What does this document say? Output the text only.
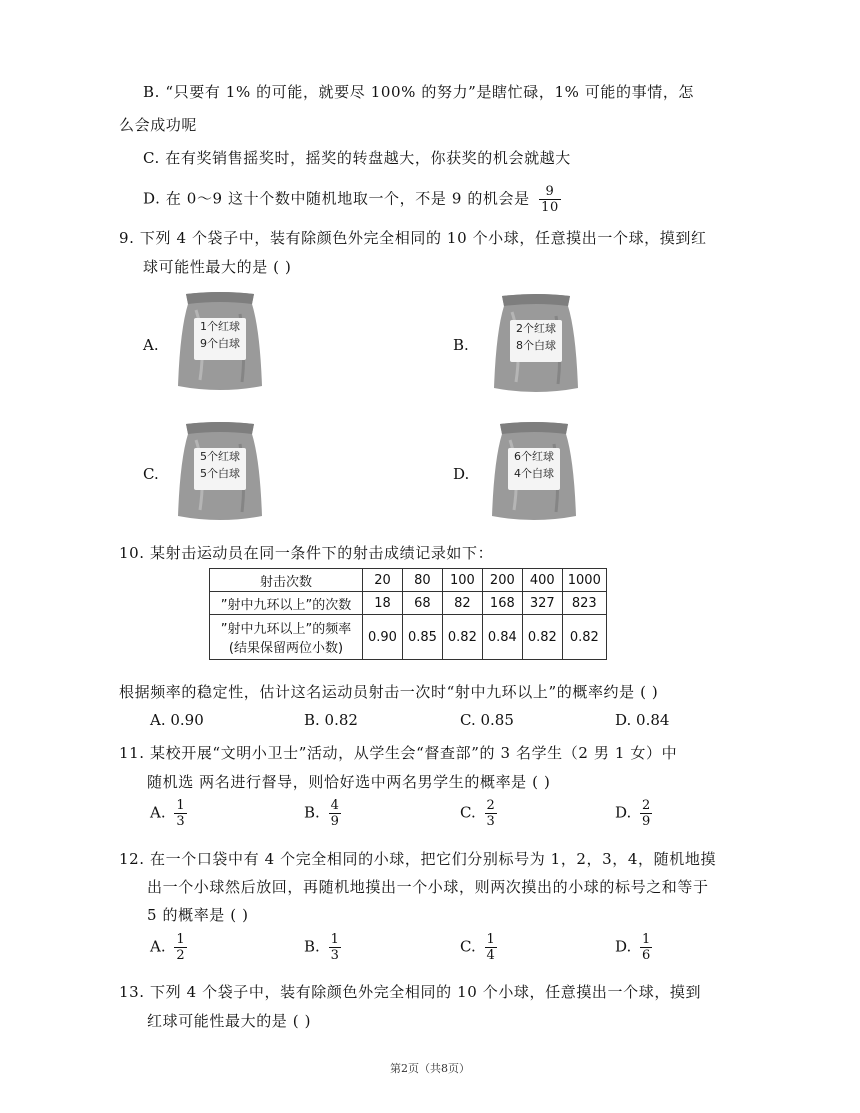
B. “只要有 1% 的可能，就要尽 100% 的努力”是瞎忙碌，1% 可能的事情，怎
么会成功呢
C. 在有奖销售摇奖时，摇奖的转盘越大，你获奖的机会就越大
D. 在 0～9 这十个数中随机地取一个，不是 9 的机会是 $\frac{9}{10}$
9. 下列 4 个袋子中，装有除颜色外完全相同的 10 个小球，任意摸出一个球，摸到红
球可能性最大的是 ( )
A.
1个红球
9个白球	B.
2个红球
8个白球
C.
5个红球
5个白球	D.
6个红球
4个白球
10. 某射击运动员在同一条件下的射击成绩记录如下：
射击次数	20	80	100	200	400	1000
”射中九环以上”的次数	18	68	82	168	327	823

”射中九环以上”的频率
(结果保留两位小数)	0.90	0.85	0.82	0.84	0.82	0.82
根据频率的稳定性，估计这名运动员射击一次时“射中九环以上”的概率约是 ( )
A. 0.90	B. 0.82	C. 0.85	D. 0.84
11. 某校开展“文明小卫士”活动，从学生会“督查部”的 3 名学生（2 男 1 女）中
随机选 两名进行督导，则恰好选中两名男学生的概率是 ( )
A. $\frac{1}{3}$	B. $\frac{4}{9}$	C. $\frac{2}{3}$	D. $\frac{2}{9}$
12. 在一个口袋中有 4 个完全相同的小球，把它们分别标号为 1，2，3，4，随机地摸
出一个小球然后放回，再随机地摸出一个小球，则两次摸出的小球的标号之和等于
5 的概率是 ( )
A. $\frac{1}{2}$	B. $\frac{1}{3}$	C. $\frac{1}{4}$	D. $\frac{1}{6}$
13. 下列 4 个袋子中，装有除颜色外完全相同的 10 个小球，任意摸出一个球，摸到
红球可能性最大的是 ( )
第2页（共8页）
